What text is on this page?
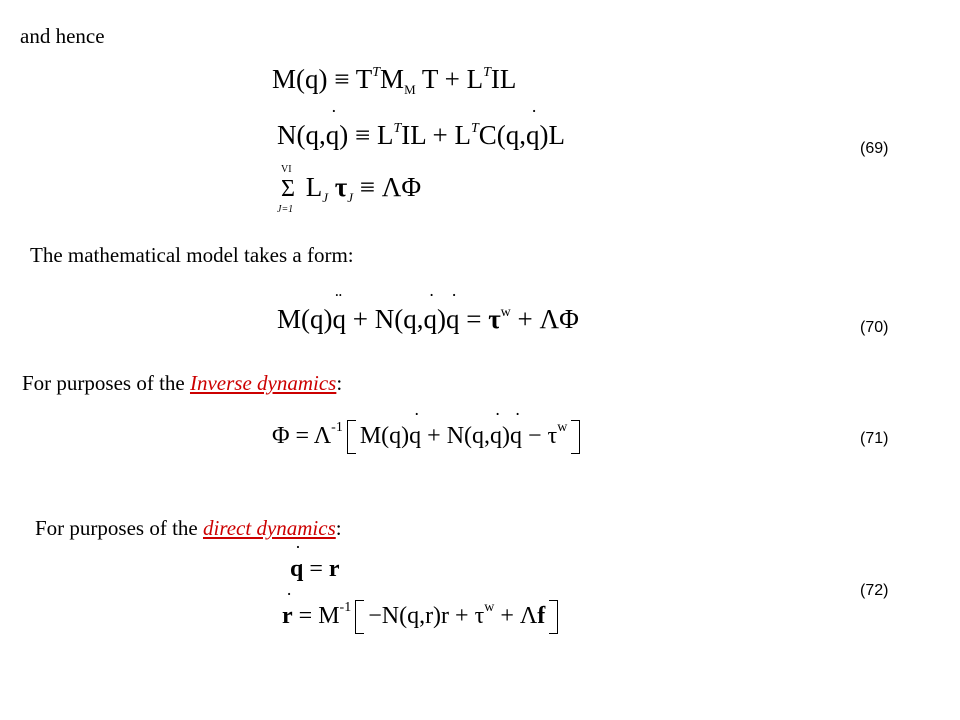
and hence
$M(q) \equiv T^TM_M$ $T + L^TIL$
N(q,q ˙) ≡ $L^TIL + L^TC(q,q$ ˙)L
Σ
VI
J=1
$L_J$ $\tau_J \equiv \Lambda\Phi$
(69)
The mathematical model takes a form:
M(q)q ¨ + N(q,q ˙)q ˙ = $\tau^w + \Lambda\Phi$	(70)
For purposes of the Inverse dynamics:
$\Phi = \Lambda^{-1}$ M(q)q ˙ + N(q,q ˙)q ˙ − $\tau^w$
(71)
For purposes of the direct dynamics:
q ˙ = r
r ˙ = $M^{-1} -N(q,r)r + \tau^w + \Lambda f$
(72)
